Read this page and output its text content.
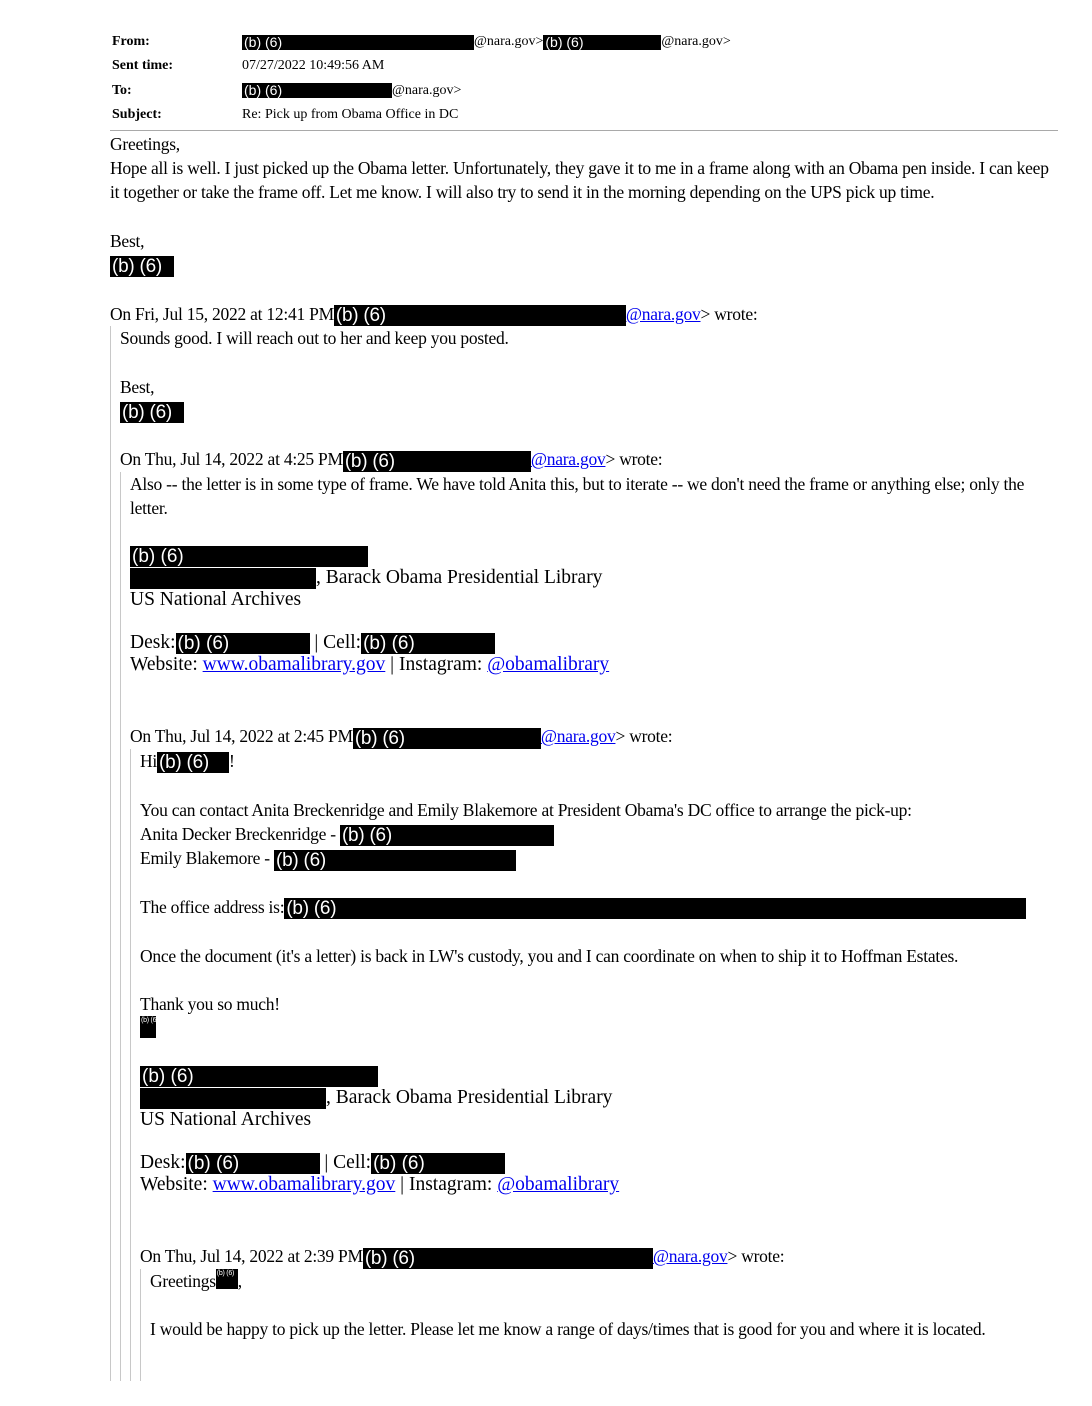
From:	(b) (6)	@nara.gov> (b) (6)	@nara.gov>
Sent time:	07/27/2022 10:49:56 AM
To:	(b) (6)	@nara.gov>
Subject:	Re: Pick up from Obama Office in DC

Greetings,

Hope all is well. I just picked up the Obama letter. Unfortunately, they gave it to me in a frame along with an Obama pen inside. I can keep it together or take the frame off. Let me know. I will also try to send it in the morning depending on the UPS pick up time.

Best,

(b) (6)

On Fri, Jul 15, 2022 at 12:41 PM (b) (6)	@nara.gov> wrote:

Sounds good. I will reach out to her and keep you posted.

Best,

(b) (6)

On Thu, Jul 14, 2022 at 4:25 PM (b) (6)	@nara.gov> wrote:

Also -- the letter is in some type of frame. We have told Anita this, but to iterate -- we don't need the frame or anything else; only the letter.

(b) (6)
, Barack Obama Presidential Library
US National Archives
Desk: (b) (6)	| Cell: (b) (6)
Website: www.obamalibrary.gov | Instagram: @obamalibrary

On Thu, Jul 14, 2022 at 2:45 PM (b) (6)	@nara.gov> wrote:

Hi (b) (6) !

You can contact Anita Breckenridge and Emily Blakemore at President Obama's DC office to arrange the pick-up:

Anita Decker Breckenridge - (b) (6)

Emily Blakemore - (b) (6)

The office address is: (b) (6)

Once the document (it's a letter) is back in LW's custody, you and I can coordinate on when to ship it to Hoffman Estates.

Thank you so much!

(b) (6)

(b) (6)
, Barack Obama Presidential Library
US National Archives
Desk: (b) (6)	| Cell: (b) (6)
Website: www.obamalibrary.gov | Instagram: @obamalibrary

On Thu, Jul 14, 2022 at 2:39 PM (b) (6)	@nara.gov> wrote:

Greetings(b) (6) ,

I would be happy to pick up the letter. Please let me know a range of days/times that is good for you and where it is located.
